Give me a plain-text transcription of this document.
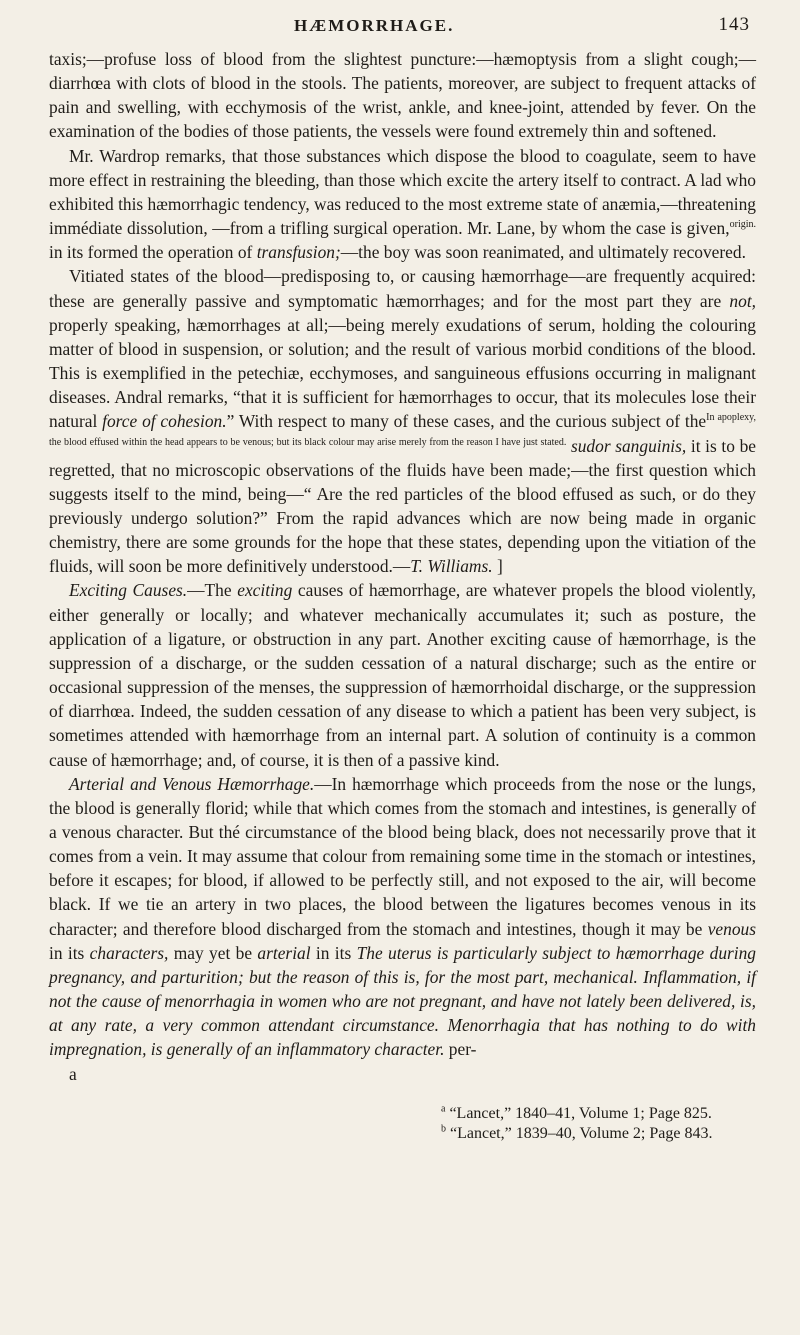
HÆMORRHAGE.	143

taxis;—profuse loss of blood from the slightest puncture:—hæmoptysis from a slight cough;—diarrhœa with clots of blood in the stools. The patients, moreover, are subject to frequent attacks of pain and swelling, with ecchymosis of the wrist, ankle, and knee-joint, attended by fever. On the examination of the bodies of those patients, the vessels were found extremely thin and softened.

Mr. Wardrop remarks, that those substances which dispose the blood to coagulate, seem to have more effect in restraining the bleeding, than those which excite the artery itself to contract. A lad who exhibited this hæmorrhagic tendency, was reduced to the most extreme state of anæmia,—threatening immédiate dissolution, —from a trifling surgical operation. Mr. Lane, by whom the case is given,$^{origin.}$ in its formed the operation of transfusion;—the boy was soon reanimated, and ultimately recovered.

Vitiated states of the blood—predisposing to, or causing hæmorrhage—are frequently acquired: these are generally passive and symptomatic hæmorrhages; and for the most part they are not, properly speaking, hæmorrhages at all;—being merely exudations of serum, holding the colouring matter of blood in suspension, or solution; and the result of various morbid conditions of the blood. This is exemplified in the petechiæ, ecchymoses, and sanguineous effusions occurring in malignant diseases. Andral remarks, “that it is sufficient for hæmorrhages to occur, that its molecules lose their natural force of cohesion.” With respect to many of these cases, and the curious subject of the$^{In apoplexy, the blood effused within the head appears to be venous; but its black colour may arise merely from the reason I have just stated.}$ sudor sanguinis, it is to be regretted, that no microscopic observations of the fluids have been made;—the first question which suggests itself to the mind, being—“ Are the red particles of the blood effused as such, or do they previously undergo solution?” From the rapid advances which are now being made in organic chemistry, there are some grounds for the hope that these states, depending upon the vitiation of the fluids, will soon be more definitively understood.—T. Williams. ]

Exciting Causes.—The exciting causes of hæmorrhage, are whatever propels the blood violently, either generally or locally; and whatever mechanically accumulates it; such as posture, the application of a ligature, or obstruction in any part. Another exciting cause of hæmorrhage, is the suppression of a discharge, or the sudden cessation of a natural discharge; such as the entire or occasional suppression of the menses, the suppression of hæmorrhoidal discharge, or the suppression of diarrhœa. Indeed, the sudden cessation of any disease to which a patient has been very subject, is sometimes attended with hæmorrhage from an internal part. A solution of continuity is a common cause of hæmorrhage; and, of course, it is then of a passive kind.

Arterial and Venous Hæmorrhage.—In hæmorrhage which proceeds from the nose or the lungs, the blood is generally florid; while that which comes from the stomach and intestines, is generally of a venous character. But thé circumstance of the blood being black, does not necessarily prove that it comes from a vein. It may assume that colour from remaining some time in the stomach or intestines, before it escapes; for blood, if allowed to be perfectly still, and not exposed to the air, will become black. If we tie an artery in two places, the blood between the ligatures becomes venous in its character; and therefore blood discharged from the stomach and intestines, though it may be venous in its characters, may yet be arterial in its The uterus is particularly subject to hæmorrhage during pregnancy, and parturition; but the reason of this is, for the most part, mechanical. Inflammation, if not the cause of menorrhagia in women who are not pregnant, and have not lately been delivered, is, at any rate, a very common attendant circumstance. Menorrhagia that has nothing to do with impregnation, is generally of an inflammatory character. per-

a

$^a$ “Lancet,” 1840–41, Volume 1; Page 825.
$^b$ “Lancet,” 1839–40, Volume 2; Page 843.
